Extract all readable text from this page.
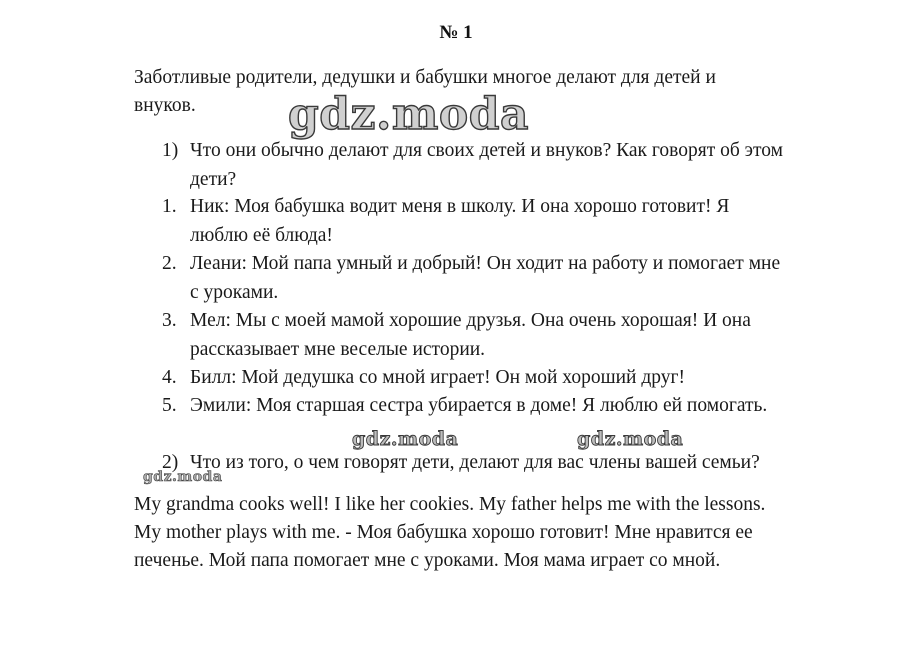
№ 1
Заботливые родители, дедушки и бабушки многое делают для детей и
внуков.
1) Что они обычно делают для своих детей и внуков? Как говорят об этом
дети?
1. Ник: Моя бабушка водит меня в школу. И она хорошо готовит! Я
люблю её блюда!
2. Леани: Мой папа умный и добрый! Он ходит на работу и помогает мне
с уроками.
3. Мел: Мы с моей мамой хорошие друзья. Она очень хорошая! И она
рассказывает мне веселые истории.
4. Билл: Мой дедушка со мной играет! Он мой хороший друг!
5. Эмили: Моя старшая сестра убирается в доме! Я люблю ей помогать.
2) Что из того, о чем говорят дети, делают для вас члены вашей семьи?
My grandma cooks well! I like her cookies. My father helps me with the lessons.
My mother plays with me. - Моя бабушка хорошо готовит! Мне нравится ее
печенье. Мой папа помогает мне с уроками. Моя мама играет со мной.
gdz.moda
gdz.moda	gdz.moda
gdz.moda
